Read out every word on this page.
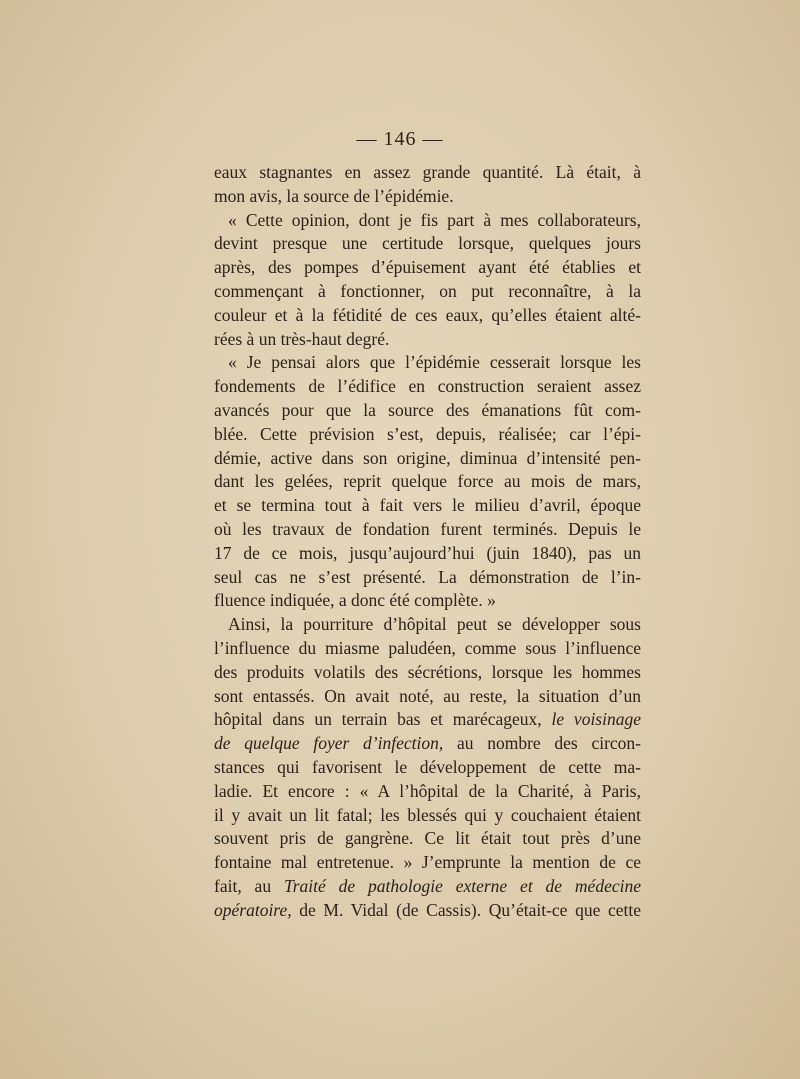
— 146 —
eaux stagnantes en assez grande quantité. Là était, à
mon avis, la source de l’épidémie.
« Cette opinion, dont je fis part à mes collaborateurs,
devint presque une certitude lorsque, quelques jours
après, des pompes d’épuisement ayant été établies et
commençant à fonctionner, on put reconnaître, à la
couleur et à la fétidité de ces eaux, qu’elles étaient alté-
rées à un très-haut degré.
« Je pensai alors que l’épidémie cesserait lorsque les
fondements de l’édifice en construction seraient assez
avancés pour que la source des émanations fût com-
blée. Cette prévision s’est, depuis, réalisée; car l’épi-
démie, active dans son origine, diminua d’intensité pen-
dant les gelées, reprit quelque force au mois de mars,
et se termina tout à fait vers le milieu d’avril, époque
où les travaux de fondation furent terminés. Depuis le
17 de ce mois, jusqu’aujourd’hui (juin 1840), pas un
seul cas ne s’est présenté. La démonstration de l’in-
fluence indiquée, a donc été complète. »
Ainsi, la pourriture d’hôpital peut se développer sous
l’influence du miasme paludéen, comme sous l’influence
des produits volatils des sécrétions, lorsque les hommes
sont entassés. On avait noté, au reste, la situation d’un
hôpital dans un terrain bas et marécageux, le voisinage
de quelque foyer d’infection, au nombre des circon-
stances qui favorisent le développement de cette ma-
ladie. Et encore : « A l’hôpital de la Charité, à Paris,
il y avait un lit fatal; les blessés qui y couchaient étaient
souvent pris de gangrène. Ce lit était tout près d’une
fontaine mal entretenue. » J’emprunte la mention de ce
fait, au Traité de pathologie externe et de médecine
opératoire, de M. Vidal (de Cassis). Qu’était-ce que cette
